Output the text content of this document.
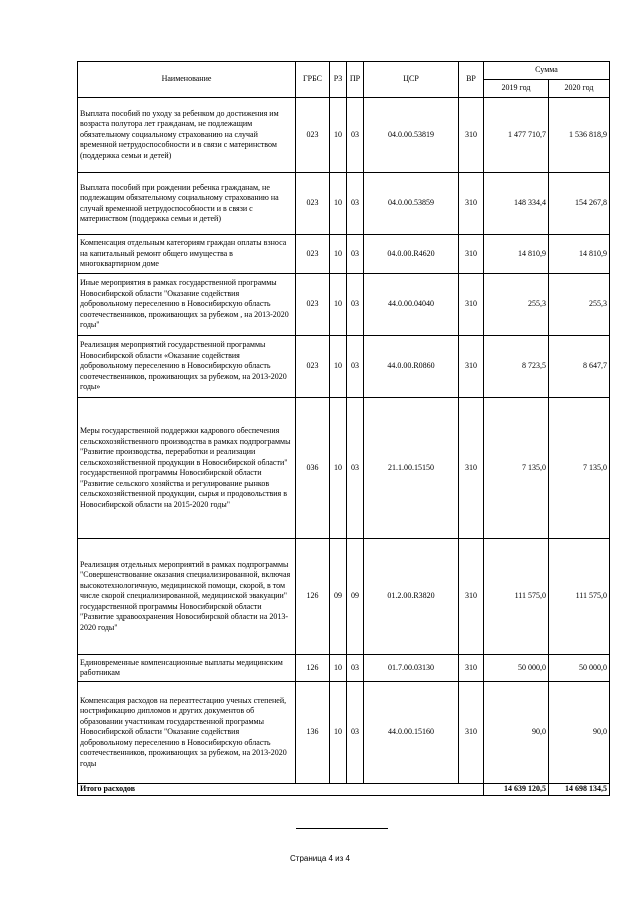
Наименование	ГРБС	РЗ	ПР	ЦСР	ВР	Сумма	
						2019 год	2020 год
Выплата пособий по уходу за ребенком до достижения им возраста полутора лет гражданам, не подлежащим обязательному социальному страхованию на случай временной нетрудоспособности и в связи с материнством (поддержка семьи и детей)	023	10	03	04.0.00.53819	310	1 477 710,7	1 536 818,9
Выплата пособий при рождении ребенка гражданам, не подлежащим обязательному социальному страхованию на случай временной нетрудоспособности и в связи с материнством (поддержка семьи и детей)	023	10	03	04.0.00.53859	310	148 334,4	154 267,8
Компенсация отдельным категориям граждан оплаты взноса на капитальный ремонт общего имущества в многоквартирном доме	023	10	03	04.0.00.R4620	310	14 810,9	14 810,9
Иные мероприятия в рамках государственной программы Новосибирской области "Оказание содействия добровольному переселению в Новосибирскую область соотечественников, проживающих за рубежом , на 2013-2020 годы"	023	10	03	44.0.00.04040	310	255,3	255,3
Реализация мероприятий государственной программы Новосибирской области «Оказание содействия добровольному переселению в Новосибирскую область соотечественников, проживающих за рубежом, на 2013-2020 годы»	023	10	03	44.0.00.R0860	310	8 723,5	8 647,7
Меры государственной поддержки кадрового обеспечения сельскохозяйственного производства в рамках подпрограммы "Развитие производства, переработки и реализации сельскохозяйственной продукции в Новосибирской области" государственной программы Новосибирской области "Развитие сельского хозяйства и регулирование рынков сельскохозяйственной продукции, сырья и продовольствия в Новосибирской области на 2015-2020 годы"	036	10	03	21.1.00.15150	310	7 135,0	7 135,0
Реализация отдельных мероприятий в рамках подпрограммы "Совершенствование оказания специализированной, включая высокотехнологичную, медицинской помощи, скорой, в том числе скорой специализированной, медицинской эвакуации" государственной программы Новосибирской области "Развитие здравоохранения Новосибирской области на 2013-2020 годы"	126	09	09	01.2.00.R3820	310	111 575,0	111 575,0
Единовременные компенсационные выплаты медицинским работникам	126	10	03	01.7.00.03130	310	50 000,0	50 000,0
Компенсация расходов на переаттестацию ученых степеней, нострификацию дипломов и других документов об образовании участникам государственной программы Новосибирской области "Оказание содействия добровольному переселению в Новосибирскую область соотечественников, проживающих за рубежом, на 2013-2020 годы	136	10	03	44.0.00.15160	310	90,0	90,0
Итого расходов						14 639 120,5	14 698 134,5
Страница 4 из 4
